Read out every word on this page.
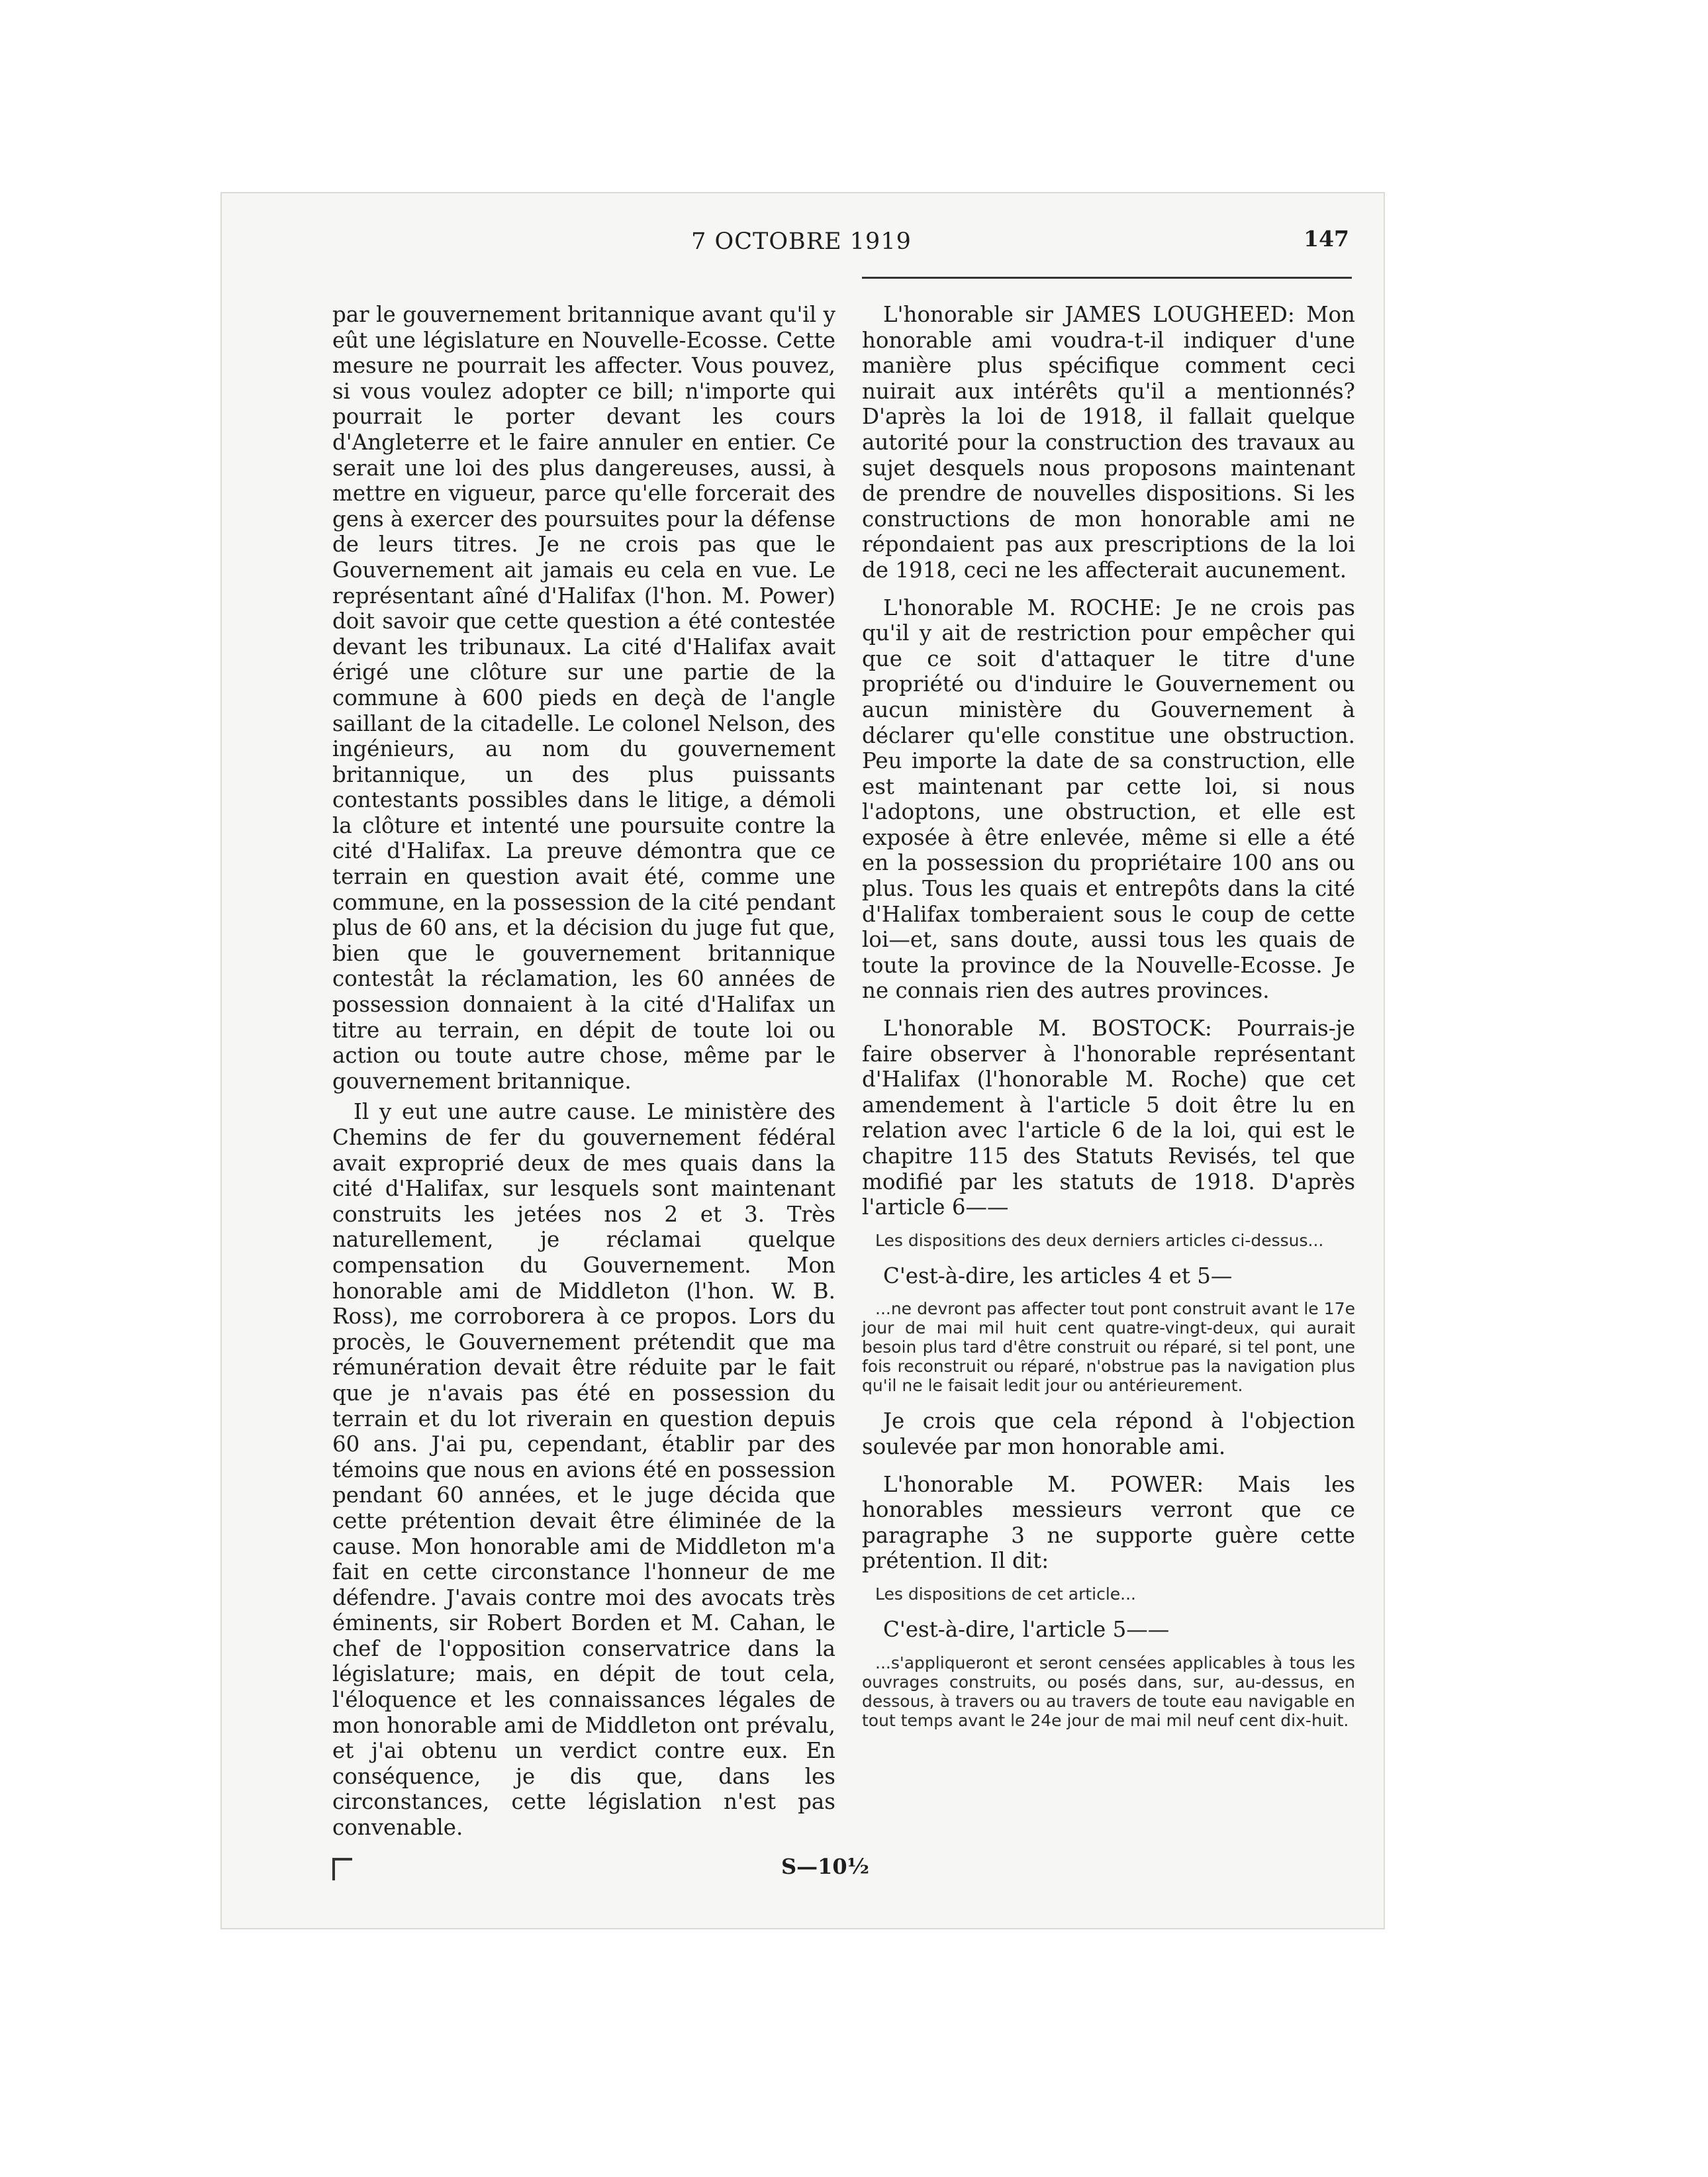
7 OCTOBRE 1919	147

par le gouvernement britannique avant qu'il y eût une législature en Nouvelle-Ecosse. Cette mesure ne pourrait les affecter. Vous pouvez, si vous voulez adopter ce bill; n'importe qui pourrait le porter devant les cours d'Angleterre et le faire annuler en entier. Ce serait une loi des plus dangereuses, aussi, à mettre en vigueur, parce qu'elle forcerait des gens à exercer des poursuites pour la défense de leurs titres. Je ne crois pas que le Gouvernement ait jamais eu cela en vue. Le représentant aîné d'Halifax (l'hon. M. Power) doit savoir que cette question a été contestée devant les tribunaux. La cité d'Halifax avait érigé une clôture sur une partie de la commune à 600 pieds en deçà de l'angle saillant de la citadelle. Le colonel Nelson, des ingénieurs, au nom du gouvernement britannique, un des plus puissants contestants possibles dans le litige, a démoli la clôture et intenté une poursuite contre la cité d'Halifax. La preuve démontra que ce terrain en question avait été, comme une commune, en la possession de la cité pendant plus de 60 ans, et la décision du juge fut que, bien que le gouvernement britannique contestât la réclamation, les 60 années de possession donnaient à la cité d'Halifax un titre au terrain, en dépit de toute loi ou action ou toute autre chose, même par le gouvernement britannique.

Il y eut une autre cause. Le ministère des Chemins de fer du gouvernement fédéral avait exproprié deux de mes quais dans la cité d'Halifax, sur lesquels sont maintenant construits les jetées nos 2 et 3. Très naturellement, je réclamai quelque compensation du Gouvernement. Mon honorable ami de Middleton (l'hon. W. B. Ross), me corroborera à ce propos. Lors du procès, le Gouvernement prétendit que ma rémunération devait être réduite par le fait que je n'avais pas été en possession du terrain et du lot riverain en question depuis 60 ans. J'ai pu, cependant, établir par des témoins que nous en avions été en possession pendant 60 années, et le juge décida que cette prétention devait être éliminée de la cause. Mon honorable ami de Middleton m'a fait en cette circonstance l'honneur de me défendre. J'avais contre moi des avocats très éminents, sir Robert Borden et M. Cahan, le chef de l'opposition conservatrice dans la législature; mais, en dépit de tout cela, l'éloquence et les connaissances légales de mon honorable ami de Middleton ont prévalu, et j'ai obtenu un verdict contre eux. En conséquence, je dis que, dans les circonstances, cette législation n'est pas convenable.

L'honorable sir JAMES LOUGHEED: Mon honorable ami voudra-t-il indiquer d'une manière plus spécifique comment ceci nuirait aux intérêts qu'il a mentionnés? D'après la loi de 1918, il fallait quelque autorité pour la construction des travaux au sujet desquels nous proposons maintenant de prendre de nouvelles dispositions. Si les constructions de mon honorable ami ne répondaient pas aux prescriptions de la loi de 1918, ceci ne les affecterait aucunement.

L'honorable M. ROCHE: Je ne crois pas qu'il y ait de restriction pour empêcher qui que ce soit d'attaquer le titre d'une propriété ou d'induire le Gouvernement ou aucun ministère du Gouvernement à déclarer qu'elle constitue une obstruction. Peu importe la date de sa construction, elle est maintenant par cette loi, si nous l'adoptons, une obstruction, et elle est exposée à être enlevée, même si elle a été en la possession du propriétaire 100 ans ou plus. Tous les quais et entrepôts dans la cité d'Halifax tomberaient sous le coup de cette loi—et, sans doute, aussi tous les quais de toute la province de la Nouvelle-Ecosse. Je ne connais rien des autres provinces.

L'honorable M. BOSTOCK: Pourrais-je faire observer à l'honorable représentant d'Halifax (l'honorable M. Roche) que cet amendement à l'article 5 doit être lu en relation avec l'article 6 de la loi, qui est le chapitre 115 des Statuts Revisés, tel que modifié par les statuts de 1918. D'après l'article 6——

Les dispositions des deux derniers articles ci-dessus...

C'est-à-dire, les articles 4 et 5—

...ne devront pas affecter tout pont construit avant le 17e jour de mai mil huit cent quatre-vingt-deux, qui aurait besoin plus tard d'être construit ou réparé, si tel pont, une fois reconstruit ou réparé, n'obstrue pas la navigation plus qu'il ne le faisait ledit jour ou antérieurement.

Je crois que cela répond à l'objection soulevée par mon honorable ami.

L'honorable M. POWER: Mais les honorables messieurs verront que ce paragraphe 3 ne supporte guère cette prétention. Il dit:

Les dispositions de cet article...

C'est-à-dire, l'article 5——

...s'appliqueront et seront censées applicables à tous les ouvrages construits, ou posés dans, sur, au-dessus, en dessous, à travers ou au travers de toute eau navigable en tout temps avant le 24e jour de mai mil neuf cent dix-huit.

S—10½
